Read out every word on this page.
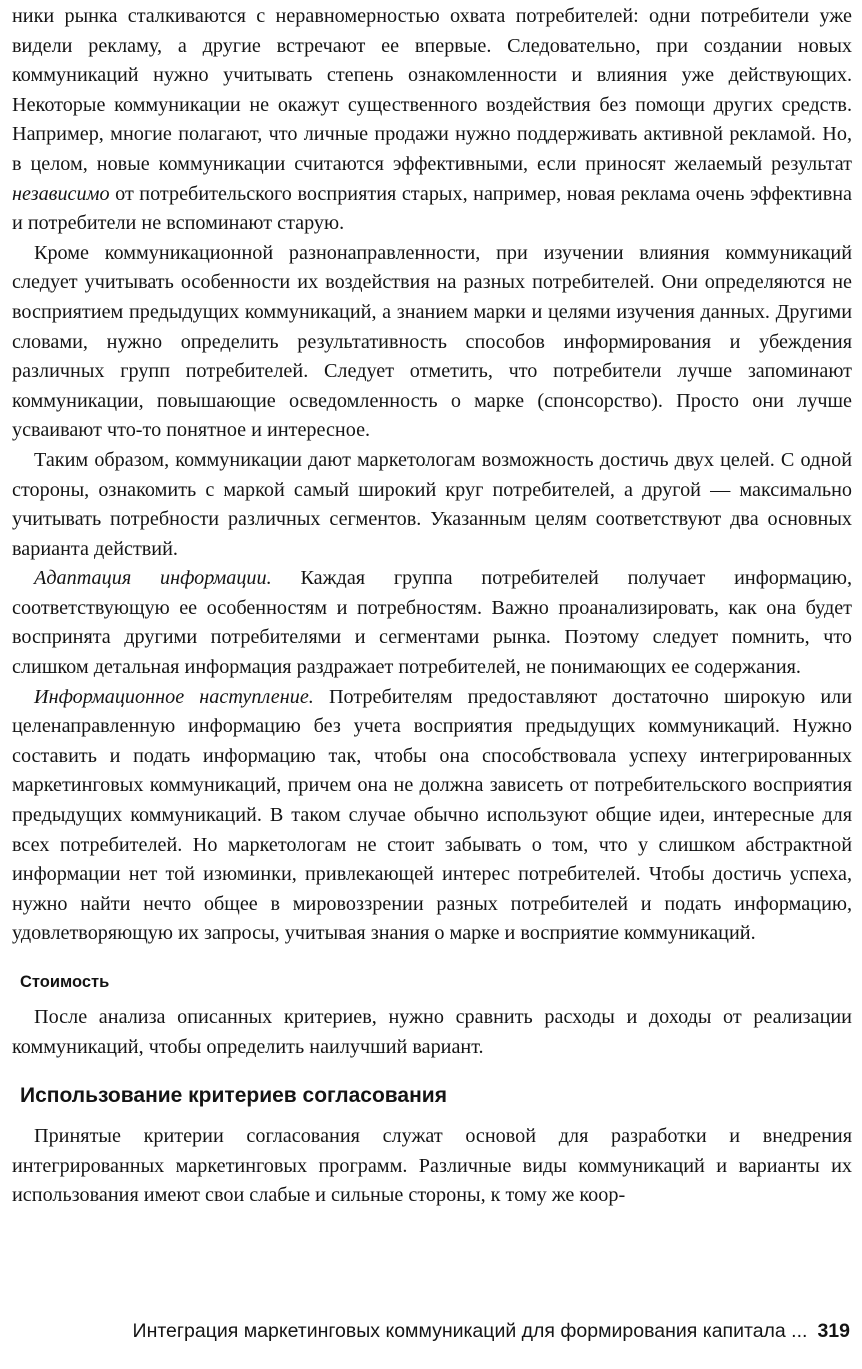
ники рынка сталкиваются с неравномерностью охвата потребителей: одни потребители уже видели рекламу, а другие встречают ее впервые. Следовательно, при создании новых коммуникаций нужно учитывать степень ознакомленности и влияния уже действующих. Некоторые коммуникации не окажут существенного воздействия без помощи других средств. Например, многие полагают, что личные продажи нужно поддерживать активной рекламой. Но, в целом, новые коммуникации считаются эффективными, если приносят желаемый результат независимо от потребительского восприятия старых, например, новая реклама очень эффективна и потребители не вспоминают старую.

Кроме коммуникационной разнонаправленности, при изучении влияния коммуникаций следует учитывать особенности их воздействия на разных потребителей. Они определяются не восприятием предыдущих коммуникаций, а знанием марки и целями изучения данных. Другими словами, нужно определить результативность способов информирования и убеждения различных групп потребителей. Следует отметить, что потребители лучше запоминают коммуникации, повышающие осведомленность о марке (спонсорство). Просто они лучше усваивают что-то понятное и интересное.

Таким образом, коммуникации дают маркетологам возможность достичь двух целей. С одной стороны, ознакомить с маркой самый широкий круг потребителей, а другой — максимально учитывать потребности различных сегментов. Указанным целям соответствуют два основных варианта действий.

Адаптация информации. Каждая группа потребителей получает информацию, соответствующую ее особенностям и потребностям. Важно проанализировать, как она будет воспринята другими потребителями и сегментами рынка. Поэтому следует помнить, что слишком детальная информация раздражает потребителей, не понимающих ее содержания.

Информационное наступление. Потребителям предоставляют достаточно широкую или целенаправленную информацию без учета восприятия предыдущих коммуникаций. Нужно составить и подать информацию так, чтобы она способствовала успеху интегрированных маркетинговых коммуникаций, причем она не должна зависеть от потребительского восприятия предыдущих коммуникаций. В таком случае обычно используют общие идеи, интересные для всех потребителей. Но маркетологам не стоит забывать о том, что у слишком абстрактной информации нет той изюминки, привлекающей интерес потребителей. Чтобы достичь успеха, нужно найти нечто общее в мировоззрении разных потребителей и подать информацию, удовлетворяющую их запросы, учитывая знания о марке и восприятие коммуникаций.

Стоимость

После анализа описанных критериев, нужно сравнить расходы и доходы от реализации коммуникаций, чтобы определить наилучший вариант.

Использование критериев согласования

Принятые критерии согласования служат основой для разработки и внедрения интегрированных маркетинговых программ. Различные виды коммуникаций и варианты их использования имеют свои слабые и сильные стороны, к тому же коор-

Интеграция маркетинговых коммуникаций для формирования капитала ... 319
